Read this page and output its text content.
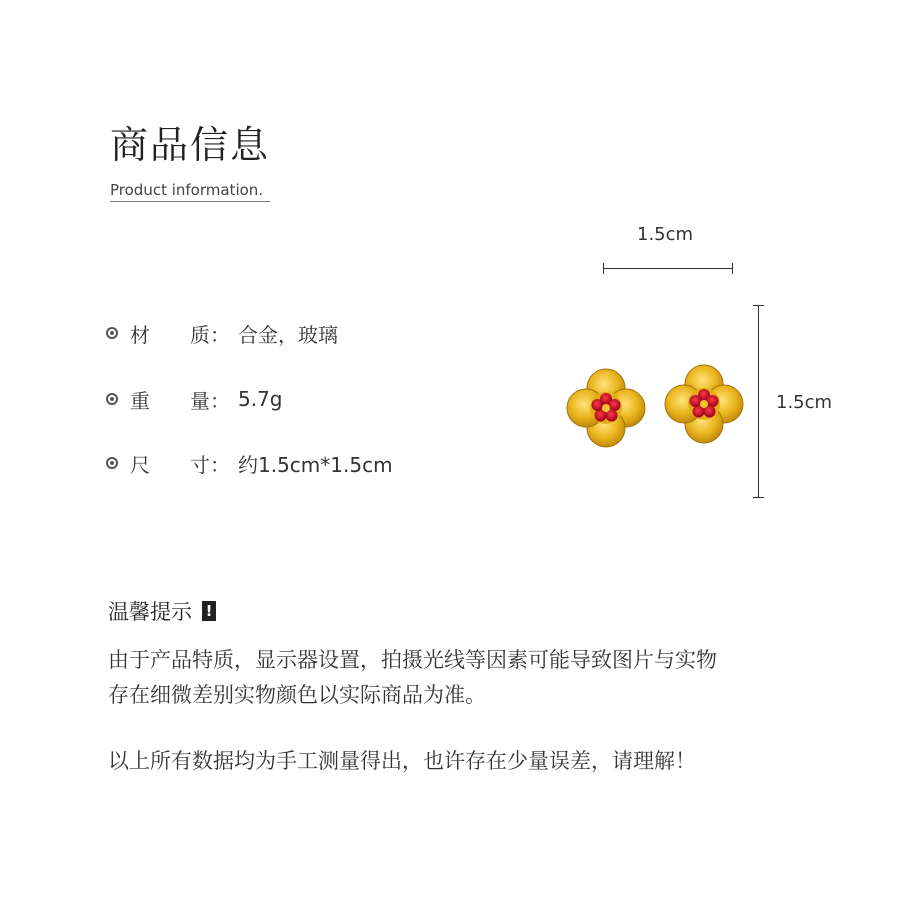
商品信息
Product information.
材　　质： 合金，玻璃
重　　量： 5.7g
尺　　寸： 约1.5cm*1.5cm
1.5cm
1.5cm
温馨提示 !
由于产品特质，显示器设置，拍摄光线等因素可能导致图片与实物
存在细微差别实物颜色以实际商品为准。
以上所有数据均为手工测量得出，也许存在少量误差，请理解！
